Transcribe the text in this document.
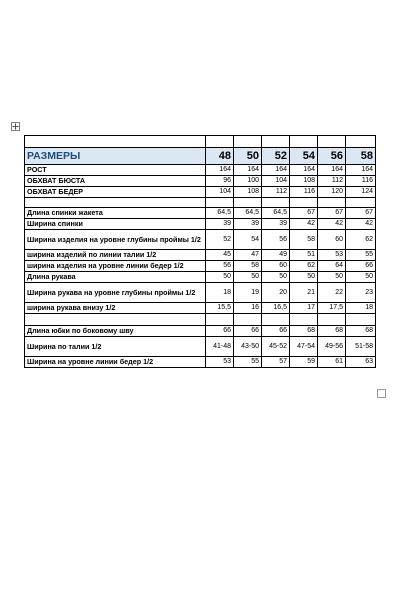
РАЗМЕРЫ	48	50	52	54	56	58
РОСТ	164	164	164	164	164	164
ОБХВАТ БЮСТА	96	100	104	108	112	116
ОБХВАТ БЕДЕР	104	108	112	116	120	124

Длина спинки жакета	64,5	64,5	64,5	67	67	67
Ширина спинки	39	39	39	42	42	42
Ширина изделия на уровне глубины проймы 1/2	52	54	56	58	60	62
ширина изделий по линии талии 1/2	45	47	49	51	53	55
ширина изделия на уровне линии бедер 1/2	56	58	60	62	64	66
Длина рукава	50	50	50	50	50	50
Ширина рукава на уровне глубины проймы 1/2	18	19	20	21	22	23
ширина рукава внизу 1/2	15,5	16	16,5	17	17,5	18

Длина юбки по боковому шву	66	66	66	68	68	68
Ширина по талии 1/2	41-48	43-50	45-52	47-54	49-56	51-58
Ширина на уровне линии бедер 1/2	53	55	57	59	61	63
